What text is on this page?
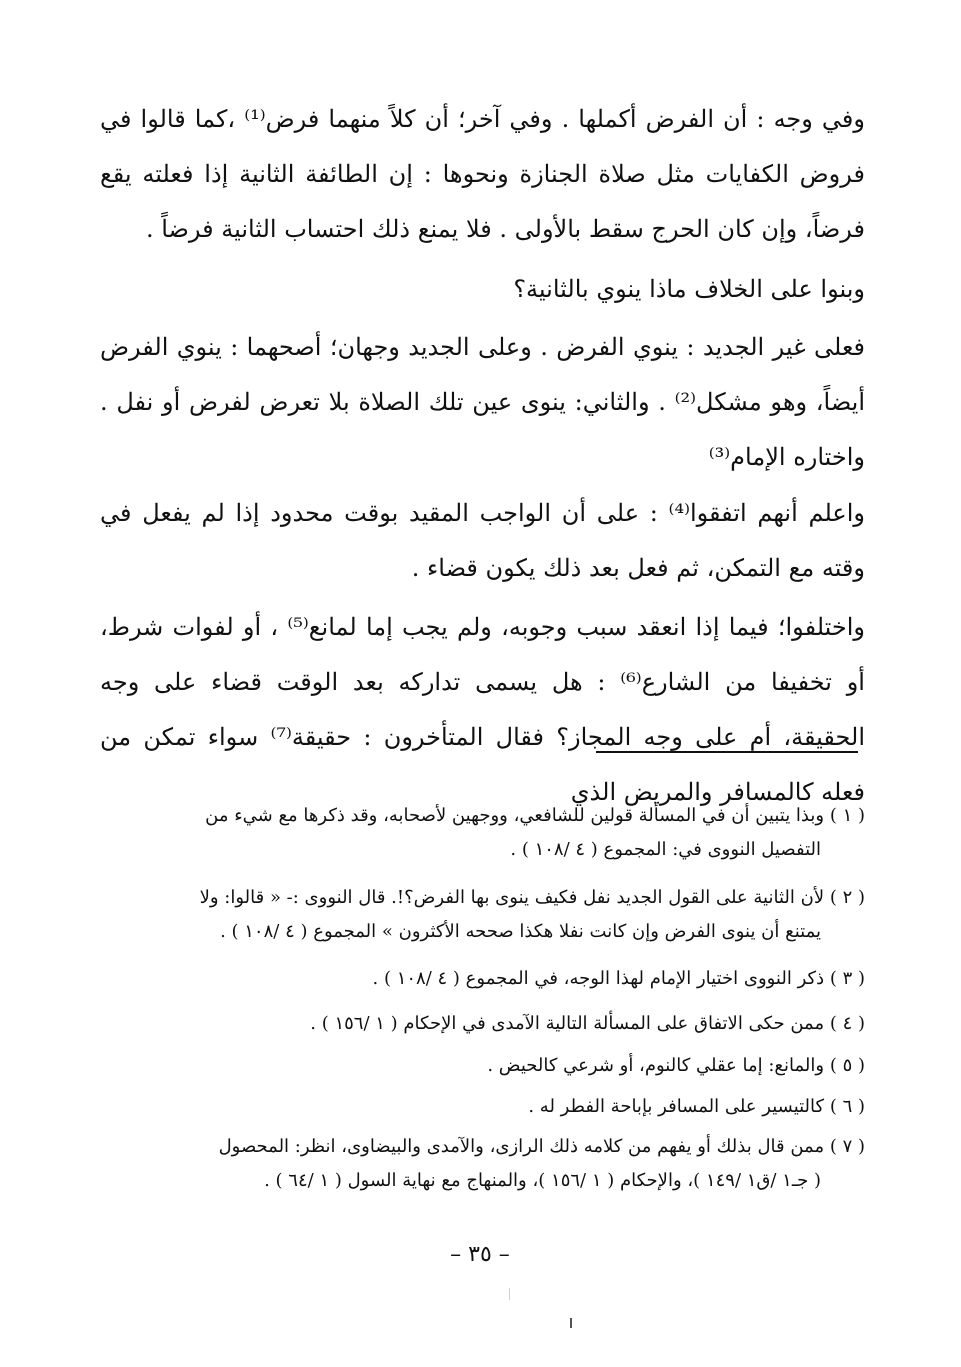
وفي وجه : أن الفرض أكملها . وفي آخر؛ أن كلاً منهما فرض⁽¹⁾ ،كما قالوا في فروض الكفايات مثل صلاة الجنازة ونحوها : إن الطائفة الثانية إذا فعلته يقع فرضاً، وإن كان الحرج سقط بالأولى . فلا يمنع ذلك احتساب الثانية فرضاً .

وبنوا على الخلاف ماذا ينوي بالثانية؟

فعلى غير الجديد : ينوي الفرض . وعلى الجديد وجهان؛ أصحهما : ينوي الفرض أيضاً، وهو مشكل⁽²⁾ . والثاني: ينوى عين تلك الصلاة بلا تعرض لفرض أو نفل . واختاره الإمام⁽³⁾

واعلم أنهم اتفقوا⁽⁴⁾ : على أن الواجب المقيد بوقت محدود إذا لم يفعل في وقته مع التمكن، ثم فعل بعد ذلك يكون قضاء .

واختلفوا؛ فيما إذا انعقد سبب وجوبه، ولم يجب إما لمانع⁽⁵⁾ ، أو لفوات شرط، أو تخفيفا من الشارع⁽⁶⁾ : هل يسمى تداركه بعد الوقت قضاء على وجه الحقيقة، أم على وجه المجاز؟ فقال المتأخرون : حقيقة⁽⁷⁾ سواء تمكن من فعله كالمسافر والمريض الذي

( ١ ) وبذا يتبين أن في المسألة قولين للشافعي، ووجهين لأصحابه، وقد ذكرها مع شيء من
التفصيل النووى في: المجموع ( ٤ /١٠٨ ) .
( ٢ ) لأن الثانية على القول الجديد نفل فكيف ينوى بها الفرض؟!. قال النووى :- « قالوا: ولا
يمتنع أن ينوى الفرض وإن كانت نفلا هكذا صححه الأكثرون » المجموع ( ٤ /١٠٨ ) .
( ٣ ) ذكر النووى اختيار الإمام لهذا الوجه، في المجموع ( ٤ /١٠٨ ) .
( ٤ ) ممن حكى الاتفاق على المسألة التالية الآمدى في الإحكام ( ١ /١٥٦ ) .
( ٥ ) والمانع: إما عقلي كالنوم، أو شرعي كالحيض .
( ٦ ) كالتيسير على المسافر بإباحة الفطر له .
( ٧ ) ممن قال بذلك أو يفهم من كلامه ذلك الرازى، والآمدى والبيضاوى، انظر: المحصول
( جـ١ /ق١ /١٤٩ )، والإحكام ( ١ /١٥٦ )، والمنهاج مع نهاية السول ( ١ /٦٤ ) .
– ٣٥ –
